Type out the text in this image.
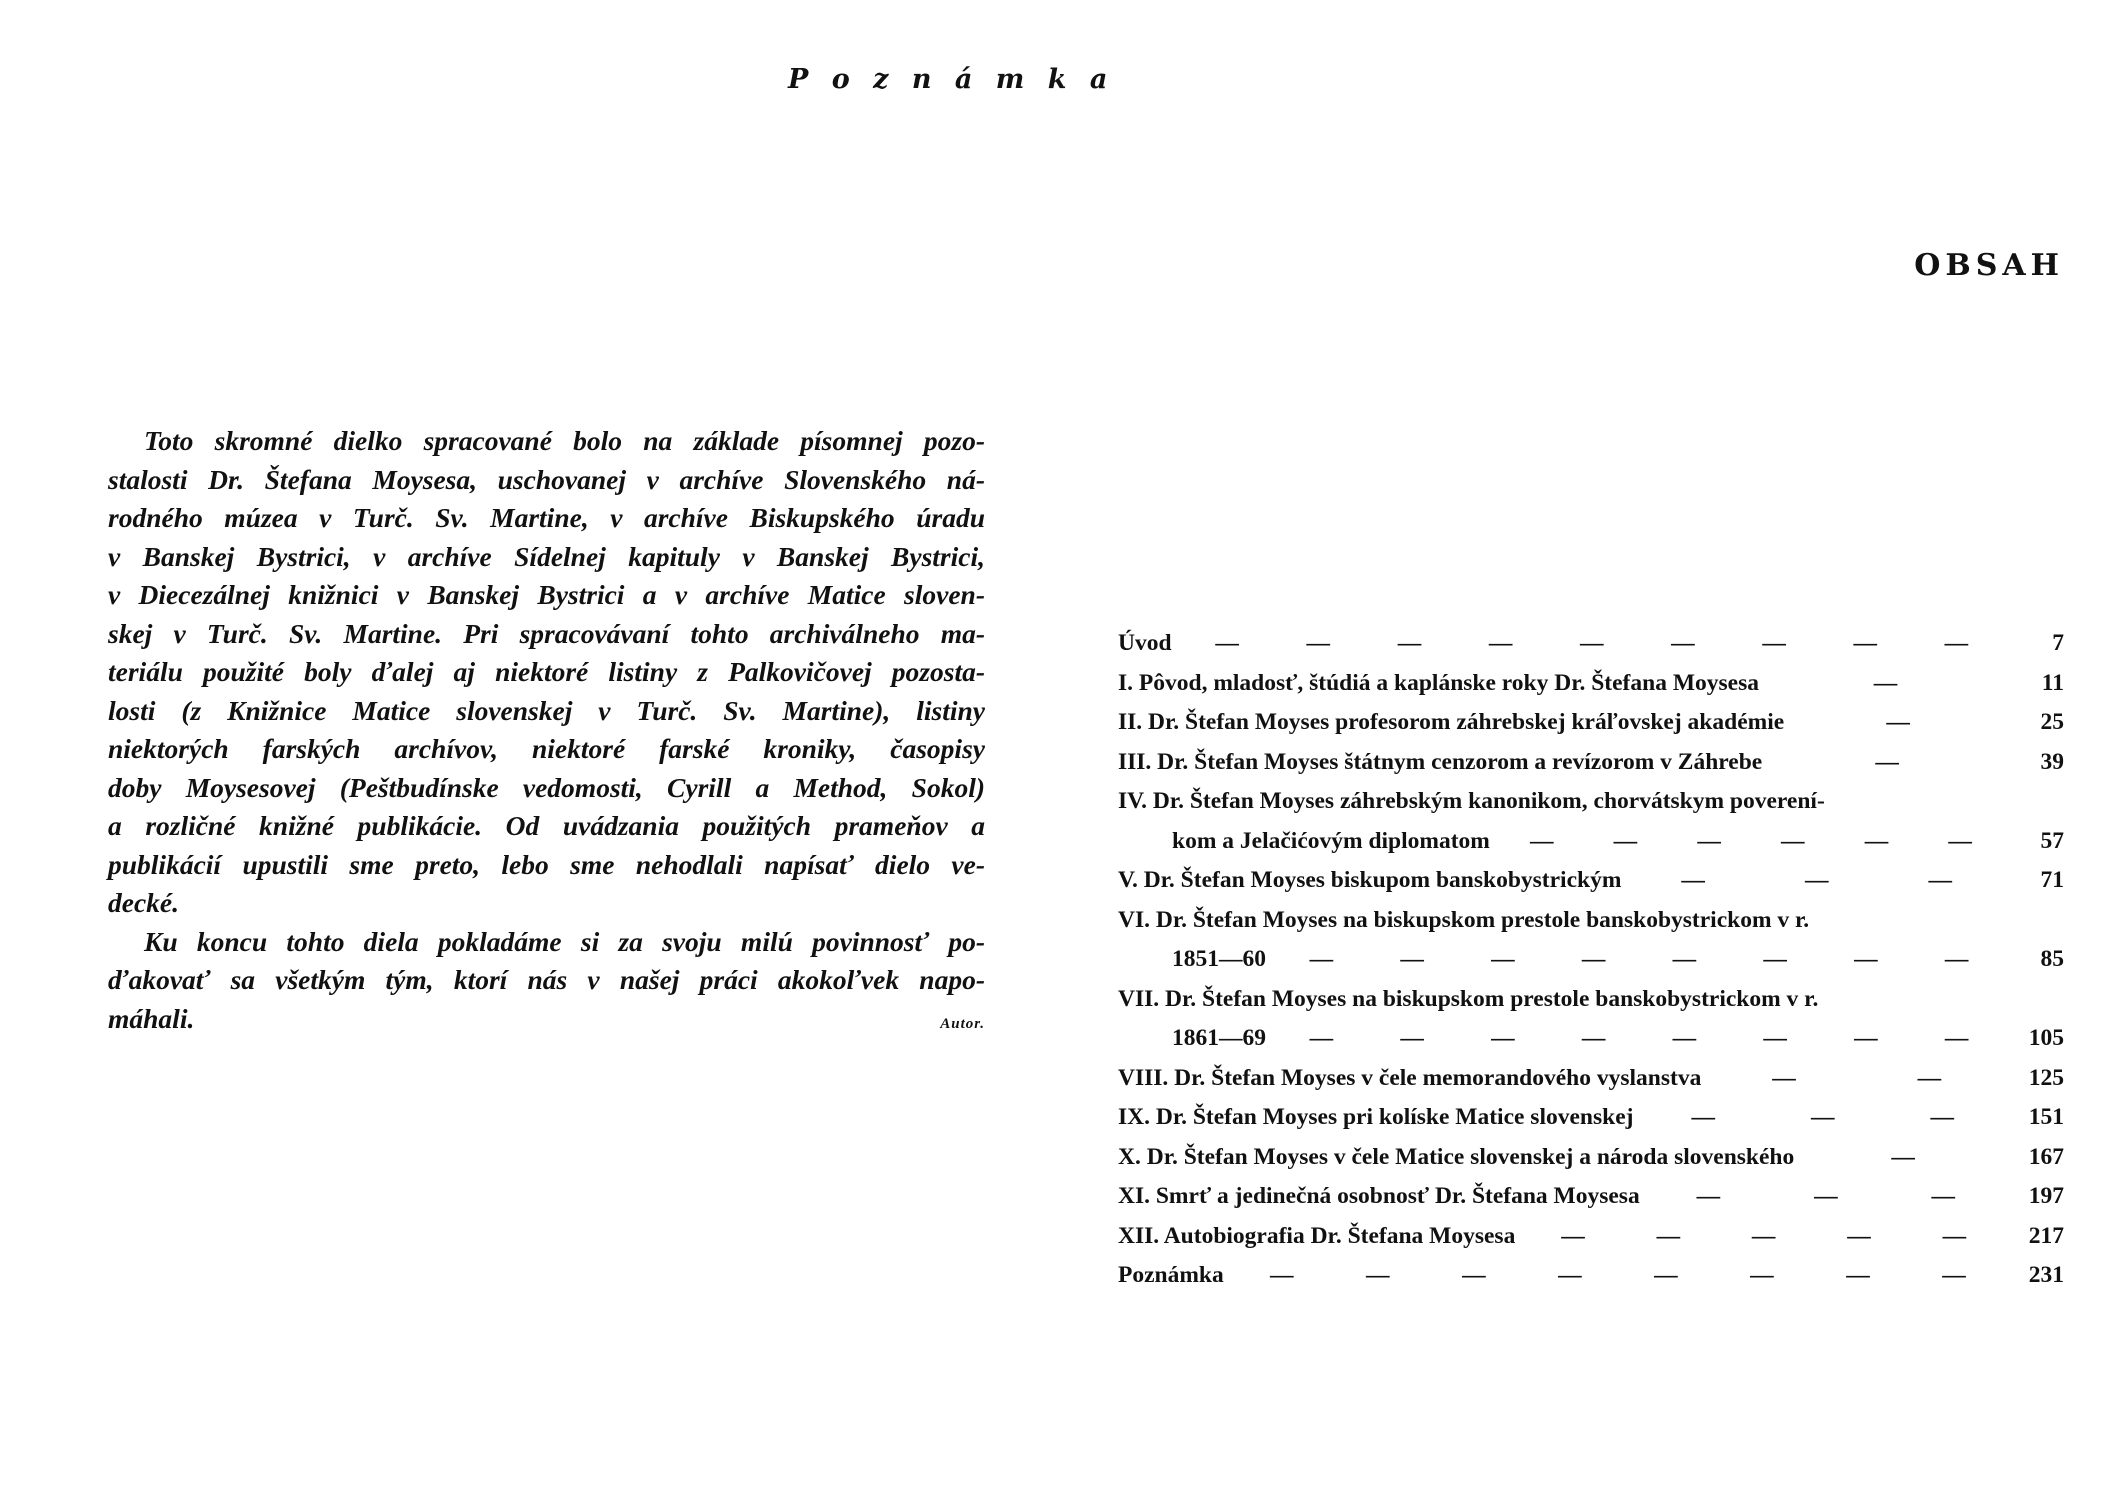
P o z n á m k a

Toto skromné dielko spracované bolo na základe písomnej pozo-
stalosti Dr. Štefana Moysesa, uschovanej v archíve Slovenského ná-
rodného múzea v Turč. Sv. Martine, v archíve Biskupského úradu
v Banskej Bystrici, v archíve Sídelnej kapituly v Banskej Bystrici,
v Diecezálnej knižnici v Banskej Bystrici a v archíve Matice sloven-
skej v Turč. Sv. Martine. Pri spracovávaní tohto archiválneho ma-
teriálu použité boly ďalej aj niektoré listiny z Palkovičovej pozosta-
losti (z Knižnice Matice slovenskej v Turč. Sv. Martine), listiny
niektorých farských archívov, niektoré farské kroniky, časopisy
doby Moysesovej (Peštbudínske vedomosti, Cyrill a Method, Sokol)
a rozličné knižné publikácie. Od uvádzania použitých prameňov a
publikácií upustili sme preto, lebo sme nehodlali napísať dielo ve-
decké.

Ku koncu tohto diela pokladáme si za svoju milú povinnosť po-
ďakovať sa všetkým tým, ktorí nás v našej práci akokoľvek napo-
máhali.	Autor.

OBSAH
Úvod —	—	—	—	—	—	—	—	—	7
I. Pôvod, mladosť, štúdiá a kaplánske roky Dr. Štefana Moysesa	—	11
II. Dr. Štefan Moyses profesorom záhrebskej kráľovskej akadémie	—	25
III. Dr. Štefan Moyses štátnym cenzorom a revízorom v Záhrebe	—	39
IV. Dr. Štefan Moyses záhrebským kanonikom, chorvátskym poverení-
kom a Jelačićovým diplomatom —	—	—	—	—	—	57
V. Dr. Štefan Moyses biskupom banskobystrickým	—	—	—	71
VI. Dr. Štefan Moyses na biskupskom prestole banskobystrickom v r.
1851—60 —	—	—	—	—	—	—	—	85
VII. Dr. Štefan Moyses na biskupskom prestole banskobystrickom v r.
1861—69 —	—	—	—	—	—	—	—	105
VIII. Dr. Štefan Moyses v čele memorandového vyslanstva	—	—	125
IX. Dr. Štefan Moyses pri kolíske Matice slovenskej —	—	—	151
X. Dr. Štefan Moyses v čele Matice slovenskej a národa slovenského	—	167
XI. Smrť a jedinečná osobnosť Dr. Štefana Moysesa —	—	—	197
XII. Autobiografia Dr. Štefana Moysesa —	—	—	—	—	217
Poznámka —	—	—	—	—	—	—	—	231
